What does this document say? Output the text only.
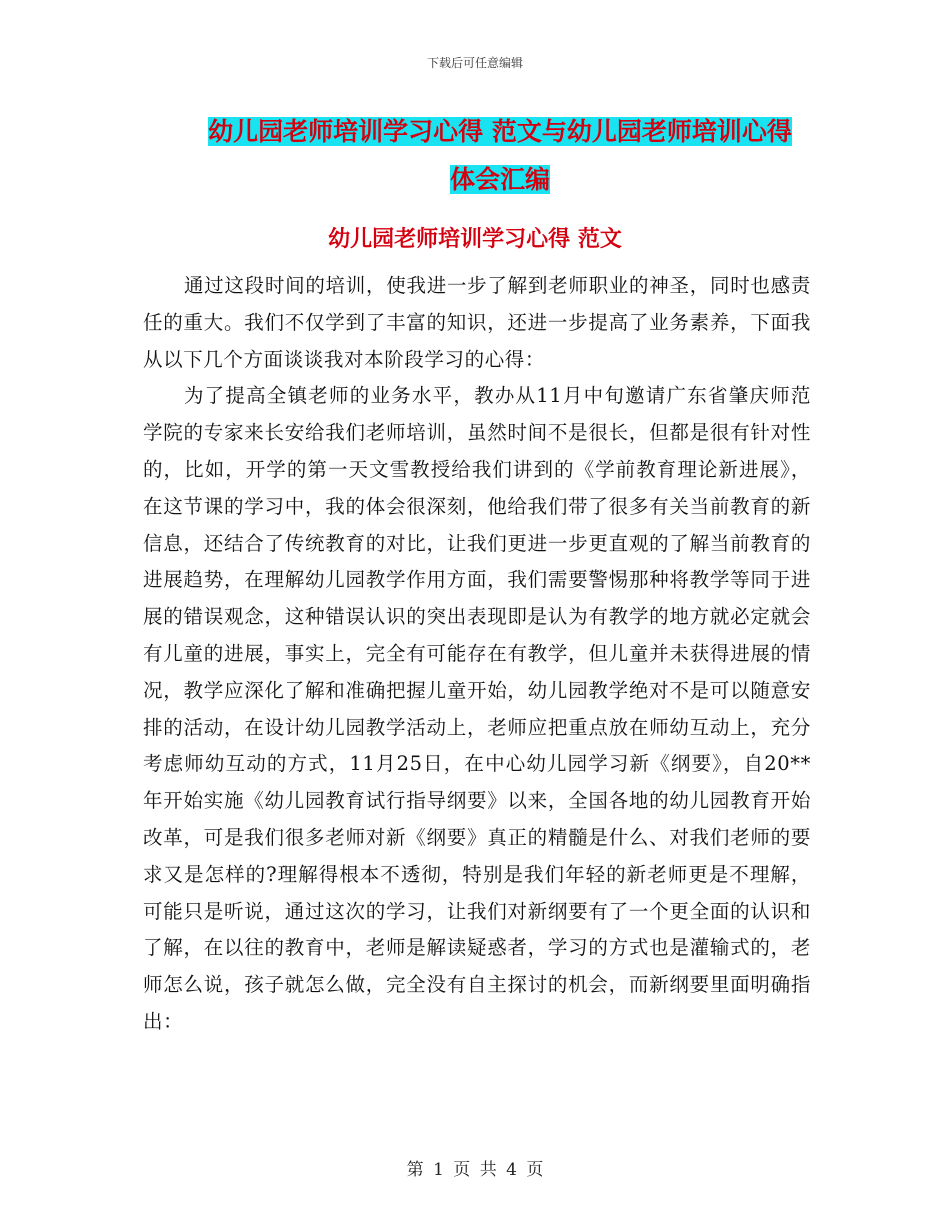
下载后可任意编辑
幼儿园老师培训学习心得 范文与幼儿园老师培训心得
体会汇编
幼儿园老师培训学习心得 范文

通过这段时间的培训，使我进一步了解到老师职业的神圣，同时也感责任的重大。我们不仅学到了丰富的知识，还进一步提高了业务素养，下面我从以下几个方面谈谈我对本阶段学习的心得：

为了提高全镇老师的业务水平，教办从11月中旬邀请广东省肇庆师范学院的专家来长安给我们老师培训，虽然时间不是很长，但都是很有针对性的，比如，开学的第一天文雪教授给我们讲到的《学前教育理论新进展》，在这节课的学习中，我的体会很深刻，他给我们带了很多有关当前教育的新信息，还结合了传统教育的对比，让我们更进一步更直观的了解当前教育的进展趋势，在理解幼儿园教学作用方面，我们需要警惕那种将教学等同于进展的错误观念，这种错误认识的突出表现即是认为有教学的地方就必定就会有儿童的进展，事实上，完全有可能存在有教学，但儿童并未获得进展的情况，教学应深化了解和准确把握儿童开始，幼儿园教学绝对不是可以随意安排的活动，在设计幼儿园教学活动上，老师应把重点放在师幼互动上，充分考虑师幼互动的方式，11月25日，在中心幼儿园学习新《纲要》，自20**年开始实施《幼儿园教育试行指导纲要》以来，全国各地的幼儿园教育开始改革，可是我们很多老师对新《纲要》真正的精髓是什么、对我们老师的要求又是怎样的?理解得根本不透彻，特别是我们年轻的新老师更是不理解，可能只是听说，通过这次的学习，让我们对新纲要有了一个更全面的认识和了解，在以往的教育中，老师是解读疑惑者，学习的方式也是灌输式的，老师怎么说，孩子就怎么做，完全没有自主探讨的机会，而新纲要里面明确指出：

第 1 页 共 4 页
